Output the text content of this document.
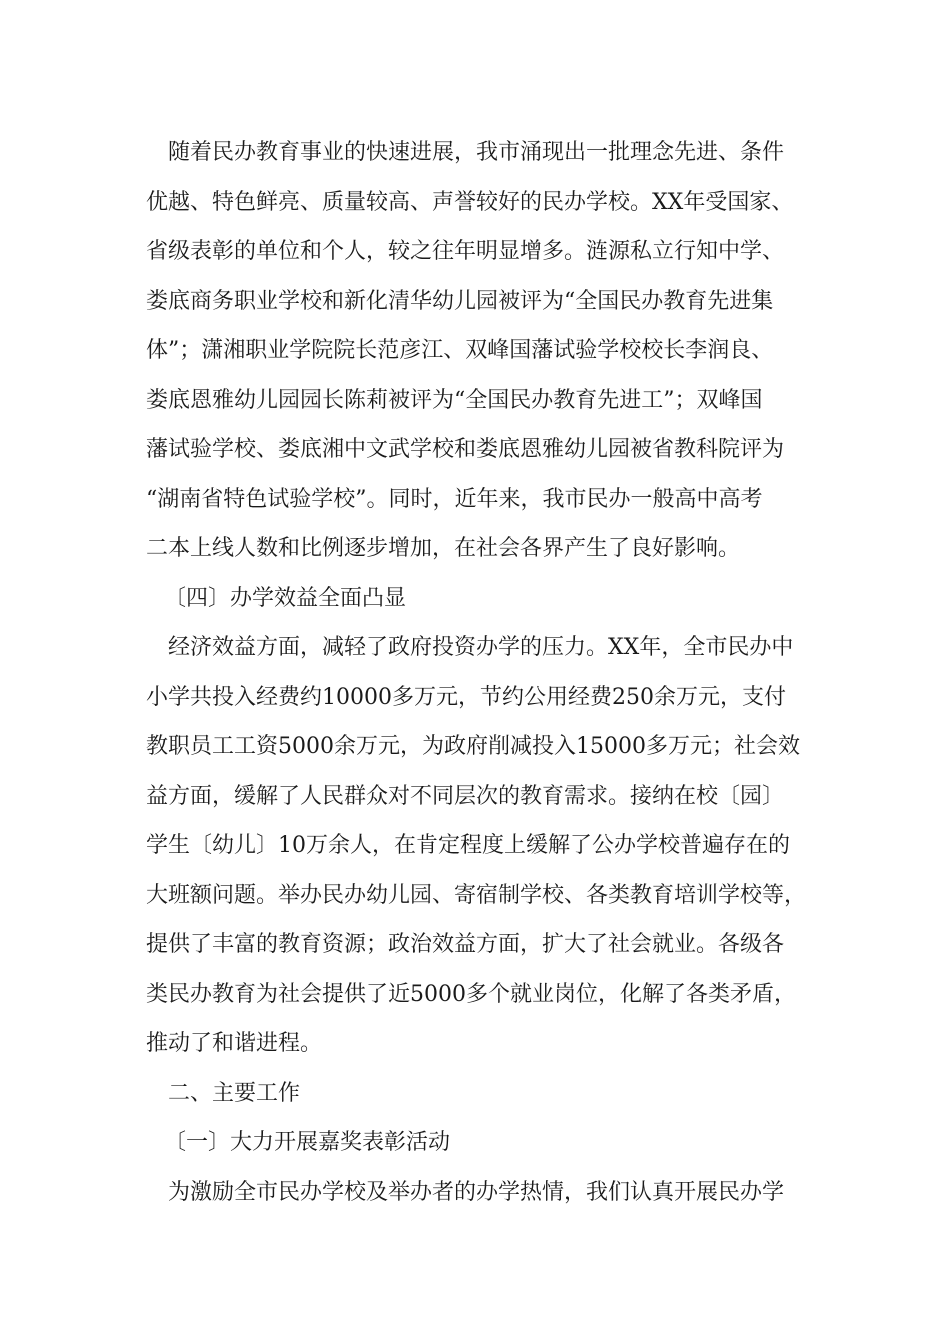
随着民办教育事业的快速进展，我市涌现出一批理念先进、条件
优越、特色鲜亮、质量较高、声誉较好的民办学校。XX年受国家、
省级表彰的单位和个人，较之往年明显增多。涟源私立行知中学、
娄底商务职业学校和新化清华幼儿园被评为“全国民办教育先进集
体”；潇湘职业学院院长范彦江、双峰国藩试验学校校长李润良、
娄底恩雅幼儿园园长陈莉被评为“全国民办教育先进工”；双峰国
藩试验学校、娄底湘中文武学校和娄底恩雅幼儿园被省教科院评为
“湖南省特色试验学校”。同时，近年来，我市民办一般高中高考
二本上线人数和比例逐步增加，在社会各界产生了良好影响。
〔四〕办学效益全面凸显
经济效益方面，减轻了政府投资办学的压力。XX年，全市民办中
小学共投入经费约10000多万元，节约公用经费250余万元，支付
教职员工工资5000余万元，为政府削减投入15000多万元；社会效
益方面，缓解了人民群众对不同层次的教育需求。接纳在校〔园〕
学生〔幼儿〕10万余人，在肯定程度上缓解了公办学校普遍存在的
大班额问题。举办民办幼儿园、寄宿制学校、各类教育培训学校等，
提供了丰富的教育资源；政治效益方面，扩大了社会就业。各级各
类民办教育为社会提供了近5000多个就业岗位，化解了各类矛盾，
推动了和谐进程。
二、主要工作
〔一〕大力开展嘉奖表彰活动
为激励全市民办学校及举办者的办学热情，我们认真开展民办学
